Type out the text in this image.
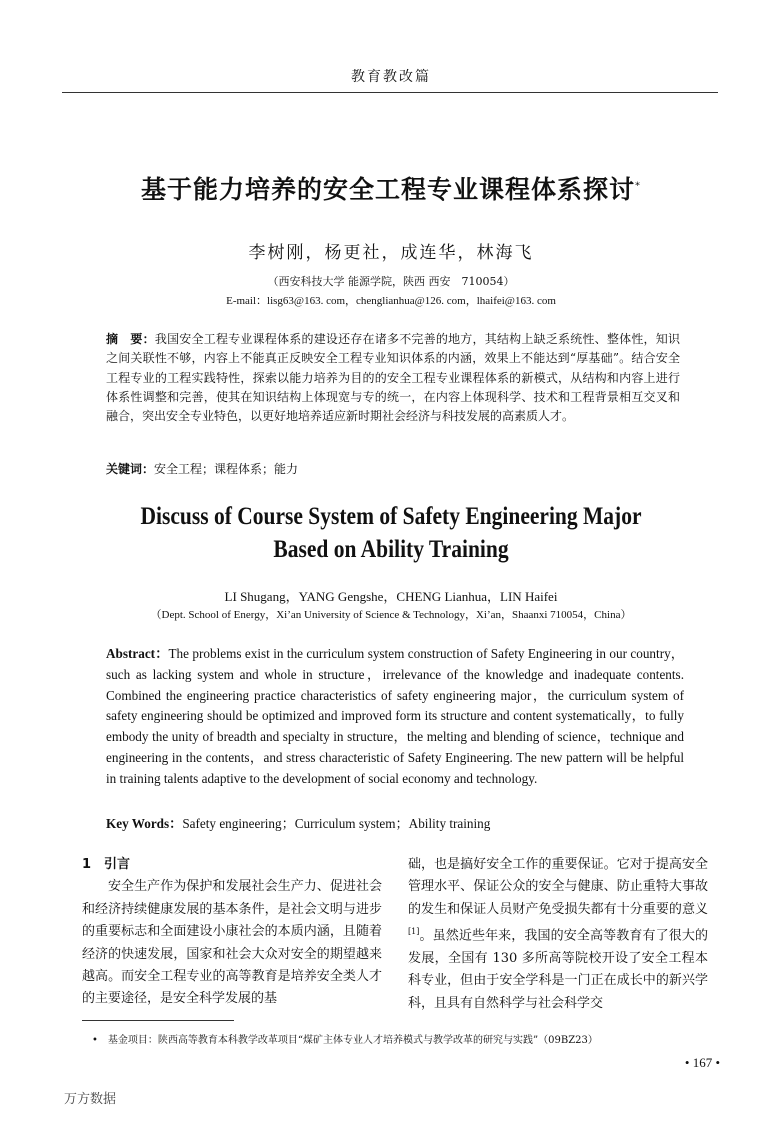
教育教改篇
基于能力培养的安全工程专业课程体系探讨*
李树刚，杨更社，成连华，林海飞
（西安科技大学 能源学院，陕西 西安　710054）
E-mail：lisg63@163. com，chenglianhua@126. com，lhaifei@163. com
摘　要：我国安全工程专业课程体系的建设还存在诸多不完善的地方，其结构上缺乏系统性、整体性，知识之间关联性不够，内容上不能真正反映安全工程专业知识体系的内涵，效果上不能达到“厚基础”。结合安全工程专业的工程实践特性，探索以能力培养为目的的安全工程专业课程体系的新模式，从结构和内容上进行体系性调整和完善，使其在知识结构上体现宽与专的统一，在内容上体现科学、技术和工程背景相互交叉和融合，突出安全专业特色，以更好地培养适应新时期社会经济与科技发展的高素质人才。
关键词：安全工程；课程体系；能力
Discuss of Course System of Safety Engineering Major
Based on Ability Training
LI Shugang，YANG Gengshe，CHENG Lianhua，LIN Haifei
（Dept. School of Energy，Xi’an University of Science & Technology，Xi’an，Shaanxi 710054，China）
Abstract：The problems exist in the curriculum system construction of Safety Engineering in our country，such as lacking system and whole in structure，irrelevance of the knowledge and inadequate contents. Combined the engineering practice characteristics of safety engineering major，the curriculum system of safety engineering should be optimized and improved form its structure and content systematically，to fully embody the unity of breadth and specialty in structure，the melting and blending of science，technique and engineering in the contents，and stress characteristic of Safety Engineering. The new pattern will be helpful in training talents adaptive to the development of social economy and technology.
Key Words：Safety engineering；Curriculum system；Ability training
1　引言
安全生产作为保护和发展社会生产力、促进社会和经济持续健康发展的基本条件，是社会文明与进步的重要标志和全面建设小康社会的本质内涵，且随着经济的快速发展，国家和社会大众对安全的期望越来越高。而安全工程专业的高等教育是培养安全类人才的主要途径，是安全科学发展的基
础，也是搞好安全工作的重要保证。它对于提高安全管理水平、保证公众的安全与健康、防止重特大事故的发生和保证人员财产免受损失都有十分重要的意义[1]。虽然近些年来，我国的安全高等教育有了很大的发展，全国有 130 多所高等院校开设了安全工程本科专业，但由于安全学科是一门正在成长中的新兴学科，且具有自然科学与社会科学交
•　基金项目：陕西高等教育本科教学改革项目“煤矿主体专业人才培养模式与教学改革的研究与实践”（09BZ23）
• 167 •
万方数据
